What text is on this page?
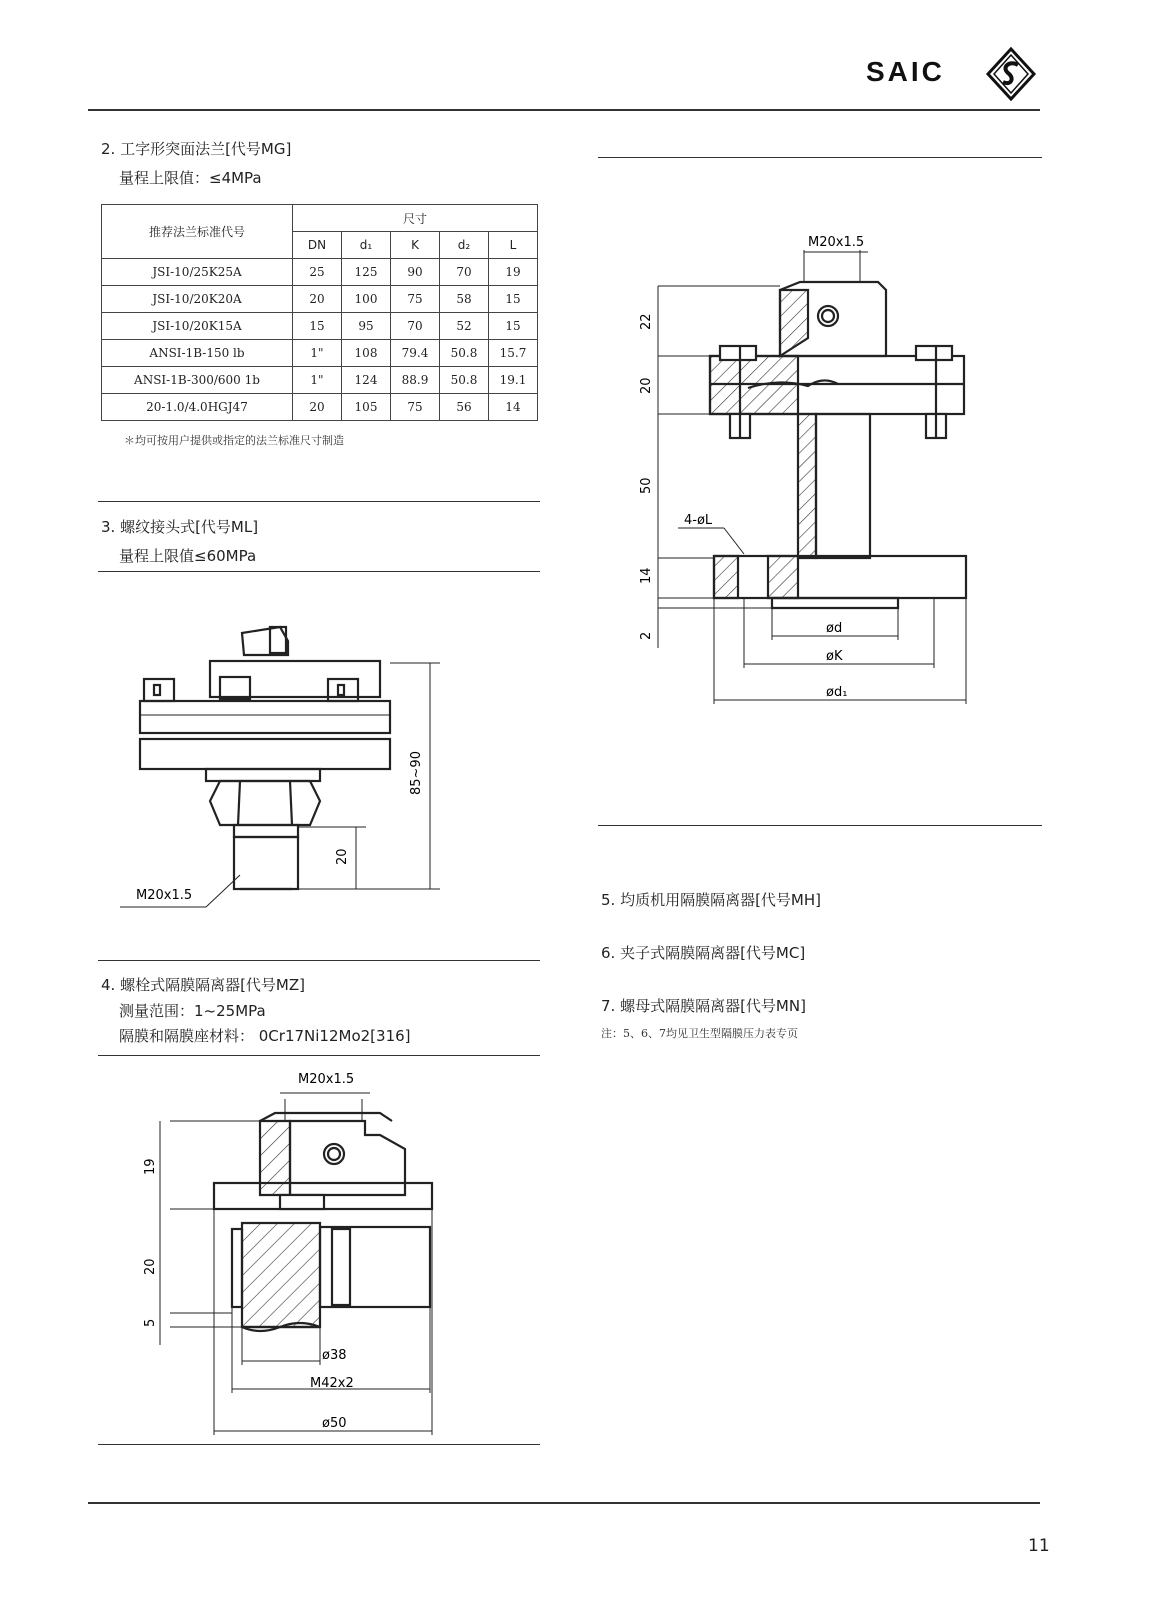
SAIC
2. 工字形突面法兰[代号MG]
量程上限值：≤4MPa
推荐法兰标准代号	尺寸				
	DN	d₁	K	d₂	L
JSI-10/25K25A	25	125	90	70	19
JSI-10/20K20A	20	100	75	58	15
JSI-10/20K15A	15	95	70	52	15
ANSI-1B-150 lb	1"	108	79.4	50.8	15.7
ANSI-1B-300/600 1b	1"	124	88.9	50.8	19.1
20-1.0/4.0HGJ47	20	105	75	56	14
＊均可按用户提供或指定的法兰标准尺寸制造
3. 螺纹接头式[代号ML]
量程上限值≤60MPa
85~90
20
M20x1.5
4. 螺栓式隔膜隔离器[代号MZ]
测量范围：1~25MPa
隔膜和隔膜座材料： 0Cr17Ni12Mo2[316]
M20x1.5
19
20
5
ø38
M42x2
ø50
M20x1.5
22
20
50
14
2
4-øL
ød
øK
ød₁
5. 均质机用隔膜隔离器[代号MH]
6. 夹子式隔膜隔离器[代号MC]
7. 螺母式隔膜隔离器[代号MN]
注：5、6、7均见卫生型隔膜压力表专页
11
